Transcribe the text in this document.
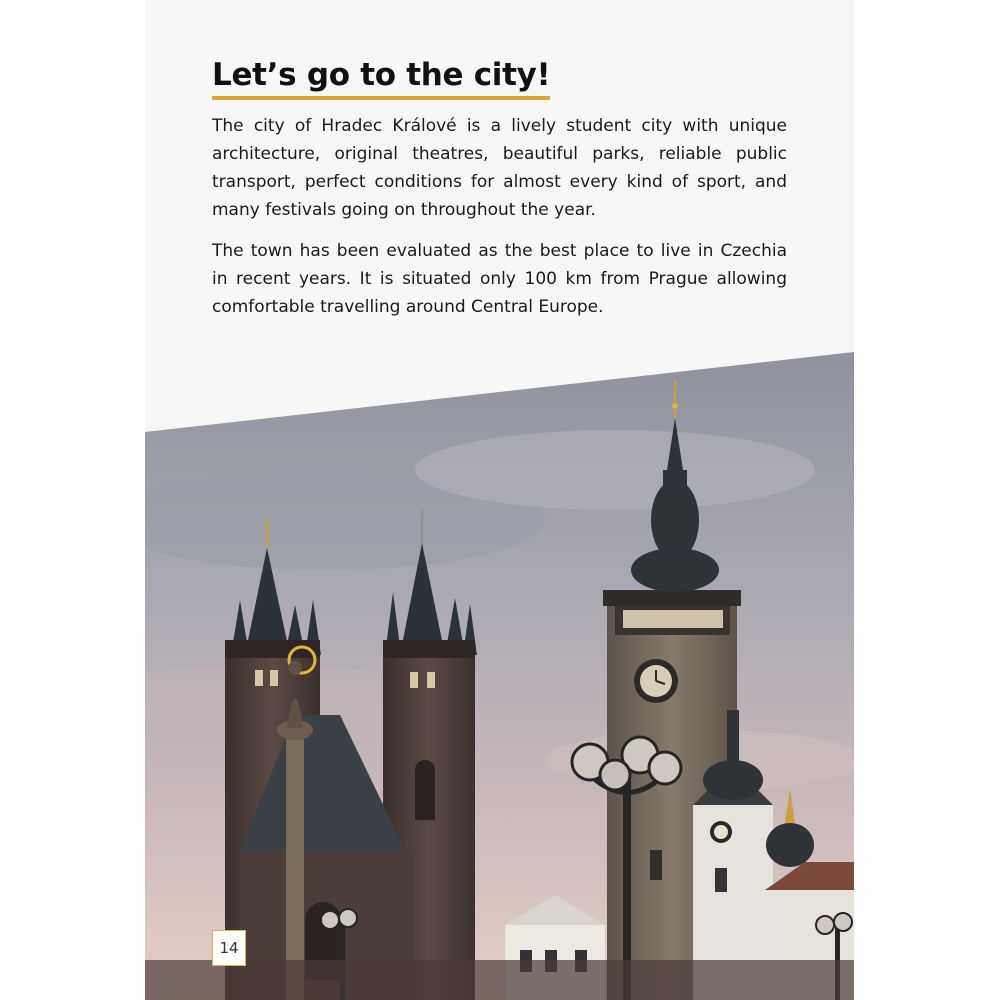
Let’s go to the city!

The city of Hradec Králové is a lively student city with unique architecture, original theatres, beautiful parks, reliable public transport, perfect conditions for almost every kind of sport, and many festivals going on throughout the year.

The town has been evaluated as the best place to live in Czechia in recent years. It is situated only 100 km from Prague allowing comfortable travelling around Central Europe.

14
